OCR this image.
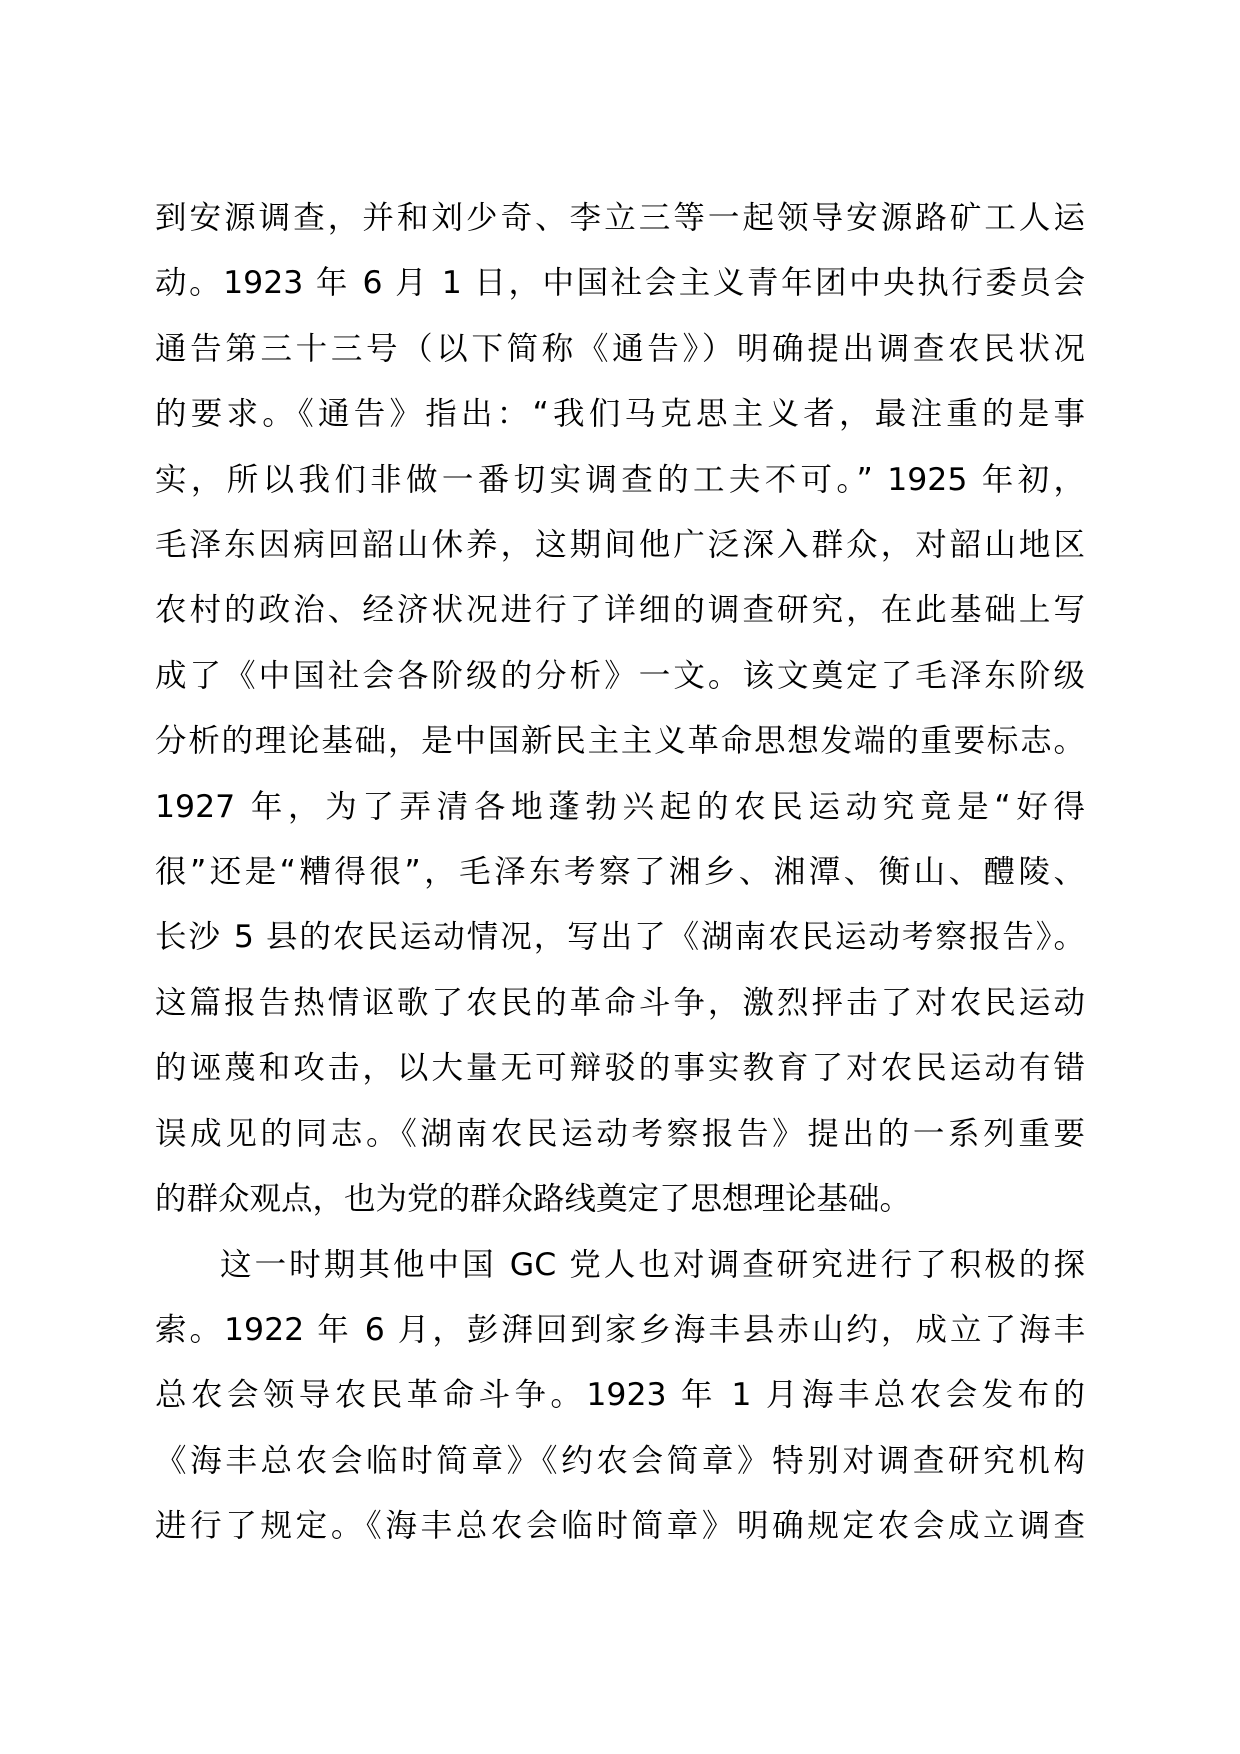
到安源调查，并和刘少奇、李立三等一起领导安源路矿工人运
动。1923 年 6 月 1 日，中国社会主义青年团中央执行委员会
通告第三十三号（以下简称《通告》）明确提出调查农民状况
的要求。《通告》指出：“我们马克思主义者，最注重的是事
实，所以我们非做一番切实调查的工夫不可。” 1925 年初，
毛泽东因病回韶山休养，这期间他广泛深入群众，对韶山地区
农村的政治、经济状况进行了详细的调查研究，在此基础上写
成了《中国社会各阶级的分析》一文。该文奠定了毛泽东阶级
分析的理论基础，是中国新民主主义革命思想发端的重要标志。
1927 年，为了弄清各地蓬勃兴起的农民运动究竟是“好得
很”还是“糟得很”，毛泽东考察了湘乡、湘潭、衡山、醴陵、
长沙 5 县的农民运动情况，写出了《湖南农民运动考察报告》。
这篇报告热情讴歌了农民的革命斗争，激烈抨击了对农民运动
的诬蔑和攻击，以大量无可辩驳的事实教育了对农民运动有错
误成见的同志。《湖南农民运动考察报告》提出的一系列重要
的群众观点，也为党的群众路线奠定了思想理论基础。

这一时期其他中国 GC 党人也对调查研究进行了积极的探
索。1922 年 6 月，彭湃回到家乡海丰县赤山约，成立了海丰
总农会领导农民革命斗争。1923 年 1 月海丰总农会发布的
《海丰总农会临时简章》《约农会简章》特别对调查研究机构
进行了规定。《海丰总农会临时简章》明确规定农会成立调查
